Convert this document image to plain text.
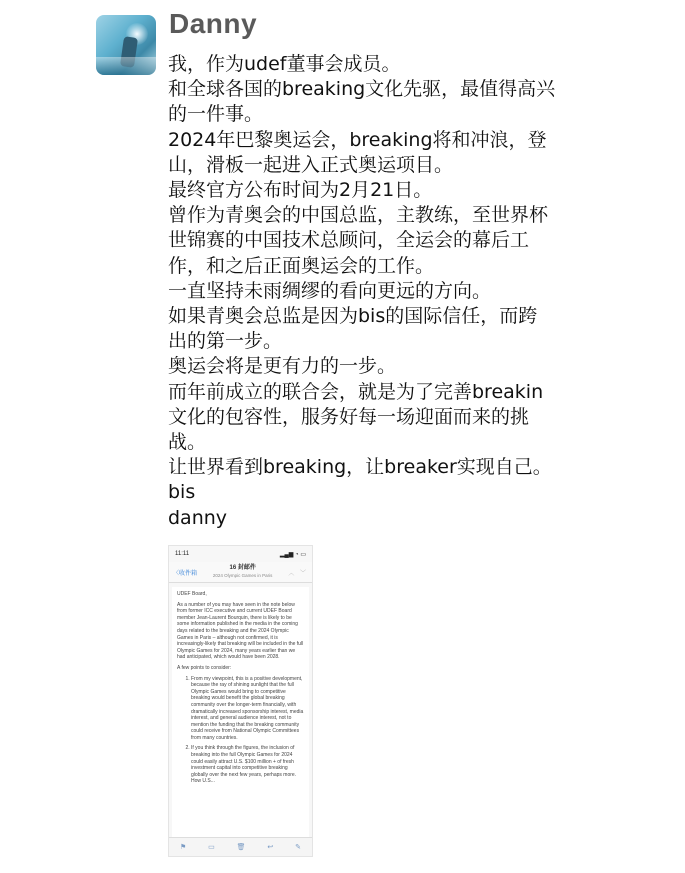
Danny
我，作为udef董事会成员。
和全球各国的breaking文化先驱，最值得高兴
的一件事。
2024年巴黎奥运会，breaking将和冲浪，登
山，滑板一起进入正式奥运项目。
最终官方公布时间为2月21日。
曾作为青奥会的中国总监，主教练，至世界杯
世锦赛的中国技术总顾问，全运会的幕后工
作，和之后正面奥运会的工作。
一直坚持未雨绸缪的看向更远的方向。
如果青奥会总监是因为bis的国际信任，而跨
出的第一步。
奥运会将是更有力的一步。
而年前成立的联合会，就是为了完善breakin
文化的包容性，服务好每一场迎面而来的挑
战。
让世界看到breaking，让breaker实现自己。
bis
danny
11:11	▂▄▆ ◔ ▭
〈收件箱
16 封邮件
2024 Olympic Games in Paris	︿ ﹀

UDEF Board,

As a number of you may have seen in the note below from former ICC executive and current UDEF Board member Jean-Laurent Bourquin, there is likely to be some information published in the media in the coming days related to the breaking and the 2024 Olympic Games in Paris – although not confirmed, it is increasingly-likely that breaking will be included in the full Olympic Games for 2024, many years earlier than we had anticipated, which would have been 2028.

A few points to consider:

1. From my viewpoint, this is a positive development, because the ray of shining sunlight that the full Olympic Games would bring to competitive breaking would benefit the global breaking community over the longer-term financially, with dramatically increased sponsorship interest, media interest, and general audience interest, not to mention the funding that the breaking community could receive from National Olympic Committees from many countries.
2. If you think through the figures, the inclusion of breaking into the full Olympic Games for 2024 could easily attract U.S. $100 million + of fresh investment capital into competitive breaking globally over the next few years, perhaps more. How U.S...
⚑	▭	🗑	↩	✎
